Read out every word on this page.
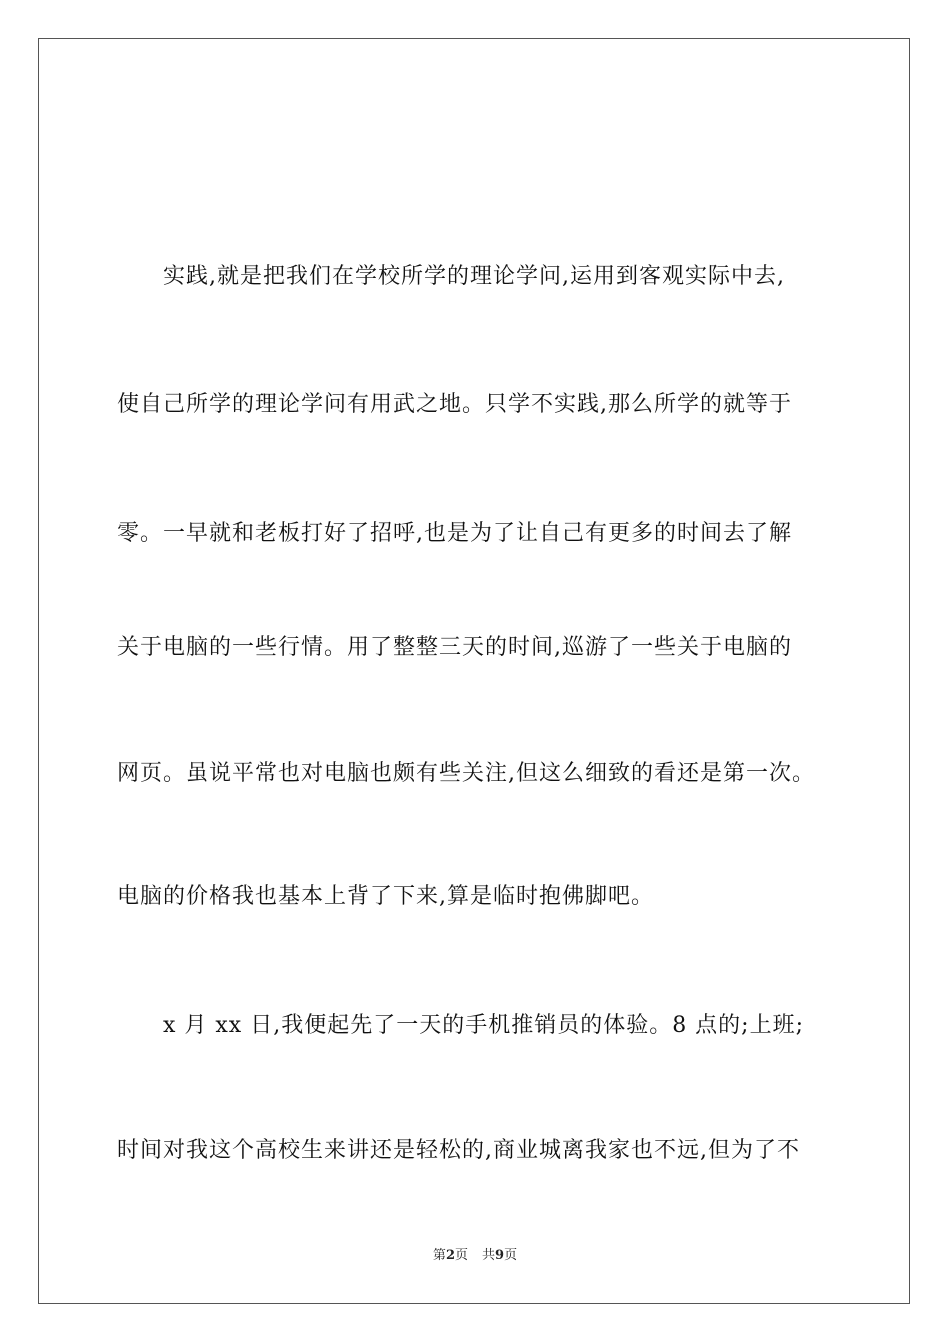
实践,就是把我们在学校所学的理论学问,运用到客观实际中去,
使自己所学的理论学问有用武之地。只学不实践,那么所学的就等于
零。一早就和老板打好了招呼,也是为了让自己有更多的时间去了解
关于电脑的一些行情。用了整整三天的时间,巡游了一些关于电脑的
网页。虽说平常也对电脑也颇有些关注,但这么细致的看还是第一次。
电脑的价格我也基本上背了下来,算是临时抱佛脚吧。
x 月 xx 日,我便起先了一天的手机推销员的体验。8 点的;上班;
时间对我这个高校生来讲还是轻松的,商业城离我家也不远,但为了不
第2页 共9页
